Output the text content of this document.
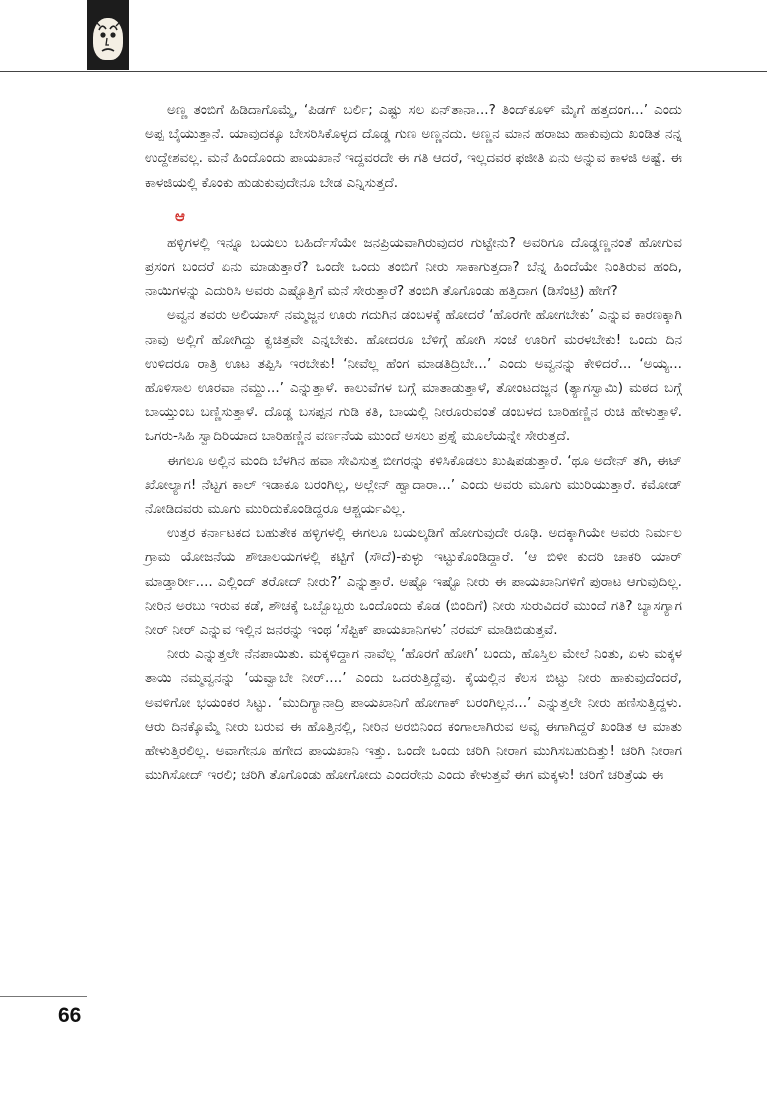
ಅಣ್ಣ ತಂಬಿಗೆ ಹಿಡಿದಾಗೊಮ್ಮೆ, ‘ಪಿಡಗ್ ಬರ್ಲಿ; ಎಷ್ಟು ಸಲ ಏನ್‌ತಾನಾ...? ತಿಂದ್‌ಕೂಳ್ ಮೈಗೆ ಹತ್ತದಂಗ...’ ಎಂದು ಅಪ್ಪ ಬೈಯುತ್ತಾನೆ. ಯಾವುದಕ್ಕೂ ಬೇಸರಿಸಿಕೊಳ್ಳದ ದೊಡ್ಡ ಗುಣ ಅಣ್ಣನದು. ಅಣ್ಣನ ಮಾನ ಹರಾಜು ಹಾಕುವುದು ಖಂಡಿತ ನನ್ನ ಉದ್ದೇಶವಲ್ಲ. ಮನೆ ಹಿಂದೊಂದು ಪಾಯಖಾನೆ ಇದ್ದವರದೇ ಈ ಗತಿ ಆದರೆ, ಇಲ್ಲದವರ ಫಜೀತಿ ಏನು ಅನ್ನುವ ಕಾಳಜಿ ಅಷ್ಟೆ. ಈ ಕಾಳಜಿಯಲ್ಲಿ ಕೊಂಕು ಹುಡುಕುವುದೇನೂ ಬೇಡ ಎನ್ನಿಸುತ್ತದೆ.

ಆ

ಹಳ್ಳಿಗಳಲ್ಲಿ ಇನ್ನೂ ಬಯಲು ಬಹಿರ್ದೆಸೆಯೇ ಜನಪ್ರಿಯವಾಗಿರುವುದರ ಗುಟ್ಟೇನು? ಅವರಿಗೂ ದೊಡ್ಡಣ್ಣನಂತೆ ಹೋಗುವ ಪ್ರಸಂಗ ಬಂದರೆ ಏನು ಮಾಡುತ್ತಾರೆ? ಒಂದೇ ಒಂದು ತಂಬಿಗೆ ನೀರು ಸಾಕಾಗುತ್ತದಾ? ಬೆನ್ನ ಹಿಂದೆಯೇ ನಿಂತಿರುವ ಹಂದಿ, ನಾಯಿಗಳನ್ನು ಎದುರಿಸಿ ಅವರು ಎಷ್ಟೊತ್ತಿಗೆ ಮನೆ ಸೇರುತ್ತಾರೆ? ತಂಬಿಗಿ ತೊಗೊಂಡು ಹತ್ತಿದಾಗ (ಡಿಸೆಂಟ್ರಿ) ಹೇಗೆ?

ಅವ್ವನ ತವರು ಅಲಿಯಾಸ್ ನಮ್ಮಜ್ಜನ ಊರು ಗದುಗಿನ ಡಂಬಳಕ್ಕೆ ಹೋದರೆ ‘ಹೊರಗೇ ಹೋಗಬೇಕು’ ಎನ್ನುವ ಕಾರಣಕ್ಕಾಗಿ ನಾವು ಅಲ್ಲಿಗೆ ಹೋಗಿದ್ದು ಕ್ವಚಿತ್ತವೇ ಎನ್ನಬೇಕು. ಹೋದರೂ ಬೆಳಿಗ್ಗೆ ಹೋಗಿ ಸಂಜೆ ಊರಿಗೆ ಮರಳಬೇಕು! ಒಂದು ದಿನ ಉಳಿದರೂ ರಾತ್ರಿ ಊಟ ತಪ್ಪಿಸಿ ಇರಬೇಕು! ‘ನೀವೆಲ್ಲ ಹೆಂಗ ಮಾಡತಿದ್ರಿಬೇ...’ ಎಂದು ಅವ್ವನನ್ನು ಕೇಳಿದರೆ... ‘ಅಯ್ಯ... ಹೊಳಿಸಾಲ ಊರವಾ ನಮ್ದು...’ ಎನ್ನುತ್ತಾಳೆ. ಕಾಲುವೆಗಳ ಬಗ್ಗೆ ಮಾತಾಡುತ್ತಾಳೆ, ತೋಂಟದಜ್ಜನ (ತ್ಯಾಗಸ್ವಾಮಿ) ಮಠದ ಬಗ್ಗೆ ಬಾಯ್ತುಂಬ ಬಣ್ಣಿಸುತ್ತಾಳೆ. ದೊಡ್ಡ ಬಸಪ್ಪನ ಗುಡಿ ಕತಿ, ಬಾಯಲ್ಲಿ ನೀರೂರುವಂತೆ ಡಂಬಳದ ಬಾರಿಹಣ್ಣಿನ ರುಚಿ ಹೇಳುತ್ತಾಳೆ. ಒಗರು-ಸಿಹಿ ಸ್ವಾದಿರಿಯಾದ ಬಾರಿಹಣ್ಣಿನ ವರ್ಣನೆಯ ಮುಂದೆ ಅಸಲು ಪ್ರಶ್ನೆ ಮೂಲೆಯನ್ನೇ ಸೇರುತ್ತದೆ.

ಈಗಲೂ ಅಲ್ಲಿನ ಮಂದಿ ಬೆಳಗಿನ ಹವಾ ಸೇವಿಸುತ್ತ ಬೀಗರನ್ನು ಕಳಿಸಿಕೊಡಲು ಖುಷಿಪಡುತ್ತಾರೆ. ‘ಥೂ ಅದೇನ್ ತಗಿ, ಈಟ್ ಖೋಲ್ಯಾಗ! ನೆಟ್ಟಗ ಕಾಲ್ ಇಡಾಕೂ ಬರಂಗಿಲ್ಲ, ಅಲ್ಲೇನ್ ಹ್ವಾದಾರಾ...’ ಎಂದು ಅವರು ಮೂಗು ಮುರಿಯುತ್ತಾರೆ. ಕಮೋಡ್ ನೋಡಿದವರು ಮೂಗು ಮುರಿದುಕೊಂಡಿದ್ದರೂ ಆಶ್ಚರ್ಯವಿಲ್ಲ.

ಉತ್ತರ ಕರ್ನಾಟಕದ ಬಹುತೇಕ ಹಳ್ಳಿಗಳಲ್ಲಿ ಈಗಲೂ ಬಯಲ್ಕಡಿಗೆ ಹೋಗುವುದೇ ರೂಢಿ. ಅದಕ್ಕಾಗಿಯೇ ಅವರು ನಿರ್ಮಲ ಗ್ರಾಮ ಯೋಜನೆಯ ಶೌಚಾಲಯಗಳಲ್ಲಿ ಕಟ್ಟಿಗೆ (ಸೌದೆ)-ಕುಳ್ಳು ಇಟ್ಟುಕೊಂಡಿದ್ದಾರೆ. ‘ಆ ಬಿಳೀ ಕುದರಿ ಚಾಕರಿ ಯಾರ್ ಮಾಡ್ತಾರ್ರೀ.... ಎಲ್ಲಿಂದ್ ತರೋದ್ ನೀರು?’ ಎನ್ನುತ್ತಾರೆ. ಅಷ್ಟೊ ಇಷ್ಟೊ ನೀರು ಈ ಪಾಯಖಾನಿಗಳಿಗೆ ಪುರಾಟ ಆಗುವುದಿಲ್ಲ. ನೀರಿನ ಅರಬು ಇರುವ ಕಡೆ, ಶೌಚಕ್ಕೆ ಒಬ್ಬೊಬ್ಬರು ಒಂದೊಂದು ಕೊಡ (ಬಿಂದಿಗೆ) ನೀರು ಸುರುವಿದರೆ ಮುಂದೆ ಗತಿ? ಬ್ಯಾಸಗ್ಯಾಗ ನೀರ್ ನೀರ್ ಎನ್ನುವ ಇಲ್ಲಿನ ಜನರನ್ನು ಇಂಥ ‘ಸೆಪ್ಟಿಕ್ ಪಾಯಖಾನಿಗಳು’ ನರಮ್ ಮಾಡಿಬಿಡುತ್ತವೆ.

ನೀರು ಎನ್ನುತ್ತಲೇ ನೆನಪಾಯಿತು. ಮಕ್ಕಳಿದ್ದಾಗ ನಾವೆಲ್ಲ ‘ಹೊರಗೆ ಹೋಗಿ’ ಬಂದು, ಹೊಸ್ತಿಲ ಮೇಲೆ ನಿಂತು, ಏಳು ಮಕ್ಕಳ ತಾಯಿ ನಮ್ಮವ್ವನನ್ನು ‘ಯವ್ವಾಬೇ ನೀರ್....’ ಎಂದು ಒದರುತ್ತಿದ್ದೆವು. ಕೈಯಲ್ಲಿನ ಕೆಲಸ ಬಿಟ್ಟು ನೀರು ಹಾಕುವುದೆಂದರೆ, ಅವಳಿಗೋ ಭಯಂಕರ ಸಿಟ್ಟು. ‘ಮುದಿಗ್ಯಾನಾದ್ರಿ ಪಾಯಖಾನಿಗೆ ಹೋಗಾಕ್ ಬರಂಗಿಲ್ಲನ...’ ಎನ್ನುತ್ತಲೇ ನೀರು ಹಣಿಸುತ್ತಿದ್ದಳು. ಆರು ದಿನಕ್ಕೊಮ್ಮೆ ನೀರು ಬರುವ ಈ ಹೊತ್ತಿನಲ್ಲಿ, ನೀರಿನ ಅರಬಿನಿಂದ ಕಂಗಾಲಾಗಿರುವ ಅವ್ವ ಈಗಾಗಿದ್ದರೆ ಖಂಡಿತ ಆ ಮಾತು ಹೇಳುತ್ತಿರಲಿಲ್ಲ. ಅವಾಗೇನೂ ಹಗೇದ ಪಾಯಖಾನಿ ಇತ್ತು. ಒಂದೇ ಒಂದು ಚರಿಗಿ ನೀರಾಗ ಮುಗಿಸಬಹುದಿತ್ತು! ಚರಿಗಿ ನೀರಾಗ ಮುಗಿಸೋದ್ ಇರಲಿ; ಚರಿಗಿ ತೊಗೊಂಡು ಹೋಗೋದು ಎಂದರೇನು ಎಂದು ಕೇಳುತ್ತವೆ ಈಗ ಮಕ್ಕಳು! ಚರಿಗೆ ಚರಿತ್ರೆಯ ಈ

66
